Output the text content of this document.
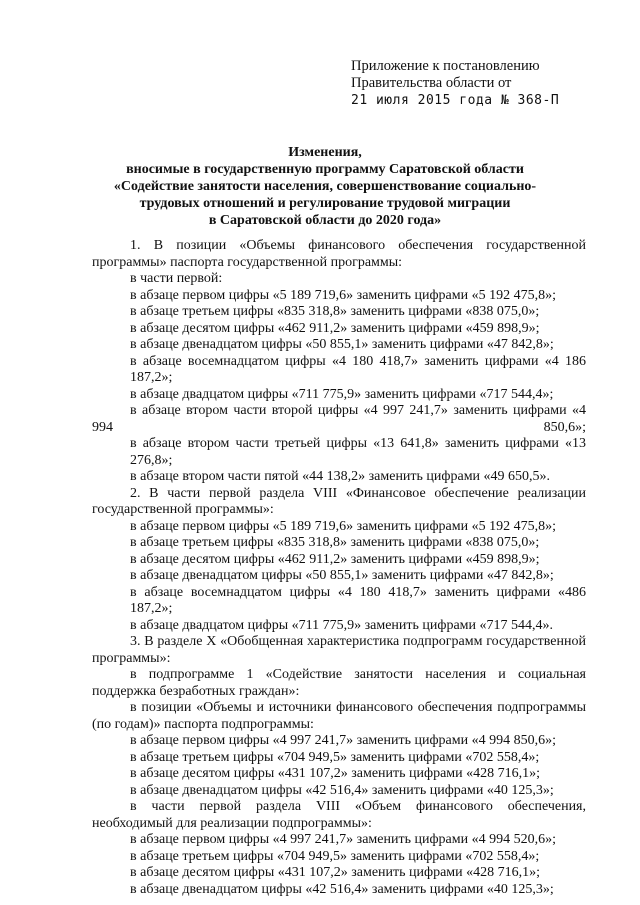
Приложение к постановлению
Правительства области от
21 июля 2015 года № 368-П
Изменения,
вносимые в государственную программу Саратовской области
«Содействие занятости населения, совершенствование социально-
трудовых отношений и регулирование трудовой миграции
в Саратовской области до 2020 года»

1. В позиции «Объемы финансового обеспечения государственной программы» паспорта государственной программы:

в части первой:

в абзаце первом цифры «5 189 719,6» заменить цифрами «5 192 475,8»;

в абзаце третьем цифры «835 318,8» заменить цифрами «838 075,0»;

в абзаце десятом цифры «462 911,2» заменить цифрами «459 898,9»;

в абзаце двенадцатом цифры «50 855,1» заменить цифрами «47 842,8»;

в абзаце восемнадцатом цифры «4 180 418,7» заменить цифрами «4 186 187,2»;

в абзаце двадцатом цифры «711 775,9» заменить цифрами «717 544,4»;

в абзаце втором части второй цифры «4 997 241,7» заменить цифрами «4 994 850,6»;

в абзаце втором части третьей цифры «13 641,8» заменить цифрами «13 276,8»;

в абзаце втором части пятой «44 138,2» заменить цифрами «49 650,5».

2. В части первой раздела VIII «Финансовое обеспечение реализации государственной программы»:

в абзаце первом цифры «5 189 719,6» заменить цифрами «5 192 475,8»;

в абзаце третьем цифры «835 318,8» заменить цифрами «838 075,0»;

в абзаце десятом цифры «462 911,2» заменить цифрами «459 898,9»;

в абзаце двенадцатом цифры «50 855,1» заменить цифрами «47 842,8»;

в абзаце восемнадцатом цифры «4 180 418,7» заменить цифрами «486 187,2»;

в абзаце двадцатом цифры «711 775,9» заменить цифрами «717 544,4».

3. В разделе X «Обобщенная характеристика подпрограмм государственной программы»:

в подпрограмме 1 «Содействие занятости населения и социальная поддержка безработных граждан»:

в позиции «Объемы и источники финансового обеспечения подпрограммы (по годам)» паспорта подпрограммы:

в абзаце первом цифры «4 997 241,7» заменить цифрами «4 994 850,6»;

в абзаце третьем цифры «704 949,5» заменить цифрами «702 558,4»;

в абзаце десятом цифры «431 107,2» заменить цифрами «428 716,1»;

в абзаце двенадцатом цифры «42 516,4» заменить цифрами «40 125,3»;

в части первой раздела VIII «Объем финансового обеспечения, необходимый для реализации подпрограммы»:

в абзаце первом цифры «4 997 241,7» заменить цифрами «4 994 520,6»;

в абзаце третьем цифры «704 949,5» заменить цифрами «702 558,4»;

в абзаце десятом цифры «431 107,2» заменить цифрами «428 716,1»;

в абзаце двенадцатом цифры «42 516,4» заменить цифрами «40 125,3»;
